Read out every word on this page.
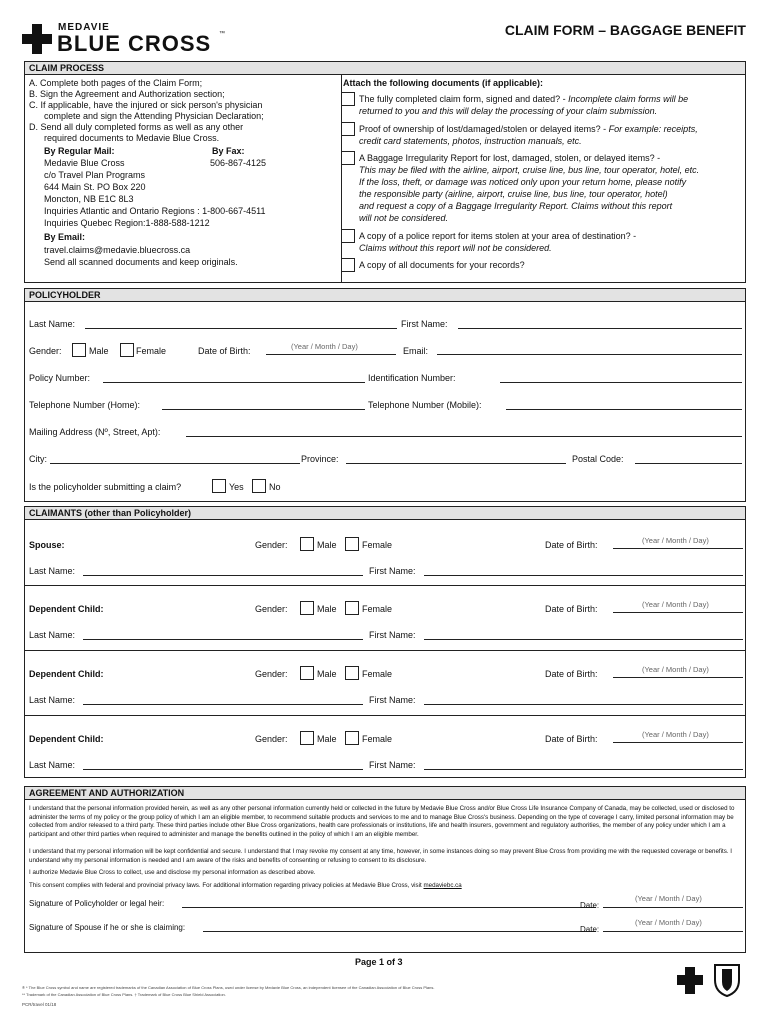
MEDAVIE
BLUE CROSS ™	CLAIM FORM – BAGGAGE BENEFIT
CLAIM PROCESS
A. Complete both pages of the Claim Form;
B. Sign the Agreement and Authorization section;
C. If applicable, have the injured or sick person's physician
complete and sign the Attending Physician Declaration;
D. Send all duly completed forms as well as any other
required documents to Medavie Blue Cross.
By Regular Mail:	By Fax:
Medavie Blue Cross	506-867-4125
c/o Travel Plan Programs
644 Main St. PO Box 220
Moncton, NB E1C 8L3
Inquiries Atlantic and Ontario Regions : 1-800-667-4511
Inquiries Quebec Region:1-888-588-1212
By Email:
travel.claims@medavie.bluecross.ca
Send all scanned documents and keep originals.
Attach the following documents (if applicable):
The fully completed claim form, signed and dated? - Incomplete claim forms will be
returned to you and this will delay the processing of your claim submission.
Proof of ownership of lost/damaged/stolen or delayed items? - For example: receipts,
credit card statements, photos, instruction manuals, etc.
A Baggage Irregularity Report for lost, damaged, stolen, or delayed items? -
This may be filed with the airline, airport, cruise line, bus line, tour operator, hotel, etc.
If the loss, theft, or damage was noticed only upon your return home, please notify
the responsible party (airline, airport, cruise line, bus line, tour operator, hotel)
and request a copy of a Baggage Irregularity Report. Claims without this report
will not be considered.
A copy of a police report for items stolen at your area of destination? -
Claims without this report will not be considered.
A copy of all documents for your records?
POLICYHOLDER
Last Name:	First Name:
Gender:	Male	Female	Date of Birth:	(Year / Month / Day)	Email:
Policy Number:	Identification Number:
Telephone Number (Home):	Telephone Number (Mobile):
Mailing Address (Nº, Street, Apt):
City:	Province:	Postal Code:
Is the policyholder submitting a claim?	Yes	No
CLAIMANTS (other than Policyholder)
Spouse:	Gender:	Male	Female	Date of Birth:	(Year / Month / Day)
Last Name:	First Name:
Dependent Child:	Gender:	Male	Female	Date of Birth:	(Year / Month / Day)
Last Name:	First Name:
Dependent Child:	Gender:	Male	Female	Date of Birth:	(Year / Month / Day)
Last Name:	First Name:
Dependent Child:	Gender:	Male	Female	Date of Birth:	(Year / Month / Day)
Last Name:	First Name:
AGREEMENT AND AUTHORIZATION
I understand that the personal information provided herein, as well as any other personal information currently held or collected in the future by Medavie Blue Cross and/or Blue Cross Life Insurance Company of Canada, may be collected, used or disclosed to administer the terms of my policy or the group policy of which I am an eligible member, to recommend suitable products and services to me and to manage Blue Cross's business. Depending on the type of coverage I carry, limited personal information may be collected from and/or released to a third party. These third parties include other Blue Cross organizations, health care professionals or institutions, life and health insurers, government and regulatory authorities, the member of any policy under which I am a participant and other third parties when required to administer and manage the benefits outlined in the policy of which I am an eligible member.
I understand that my personal information will be kept confidential and secure. I understand that I may revoke my consent at any time, however, in some instances doing so may prevent Blue Cross from providing me with the requested coverage or benefits. I understand why my personal information is needed and I am aware of the risks and benefits of consenting or refusing to consent to its disclosure.
I authorize Medavie Blue Cross to collect, use and disclose my personal information as described above.
This consent complies with federal and provincial privacy laws. For additional information regarding privacy policies at Medavie Blue Cross, visit medaviebc.ca
Signature of Policyholder or legal heir:	Date:
(Year / Month / Day)
Signature of Spouse if he or she is claiming:	Date:
(Year / Month / Day)
Page 1 of 3
® * The Blue Cross symbol and name are registered trademarks of the Canadian Association of Blue Cross Plans, used under license by Medavie Blue Cross, an independent licensee of the Canadian Association of Blue Cross Plans.
** Trademark of the Canadian Association of Blue Cross Plans. † Trademark of Blue Cross Blue Shield Association.
PCR/travel 01/18
